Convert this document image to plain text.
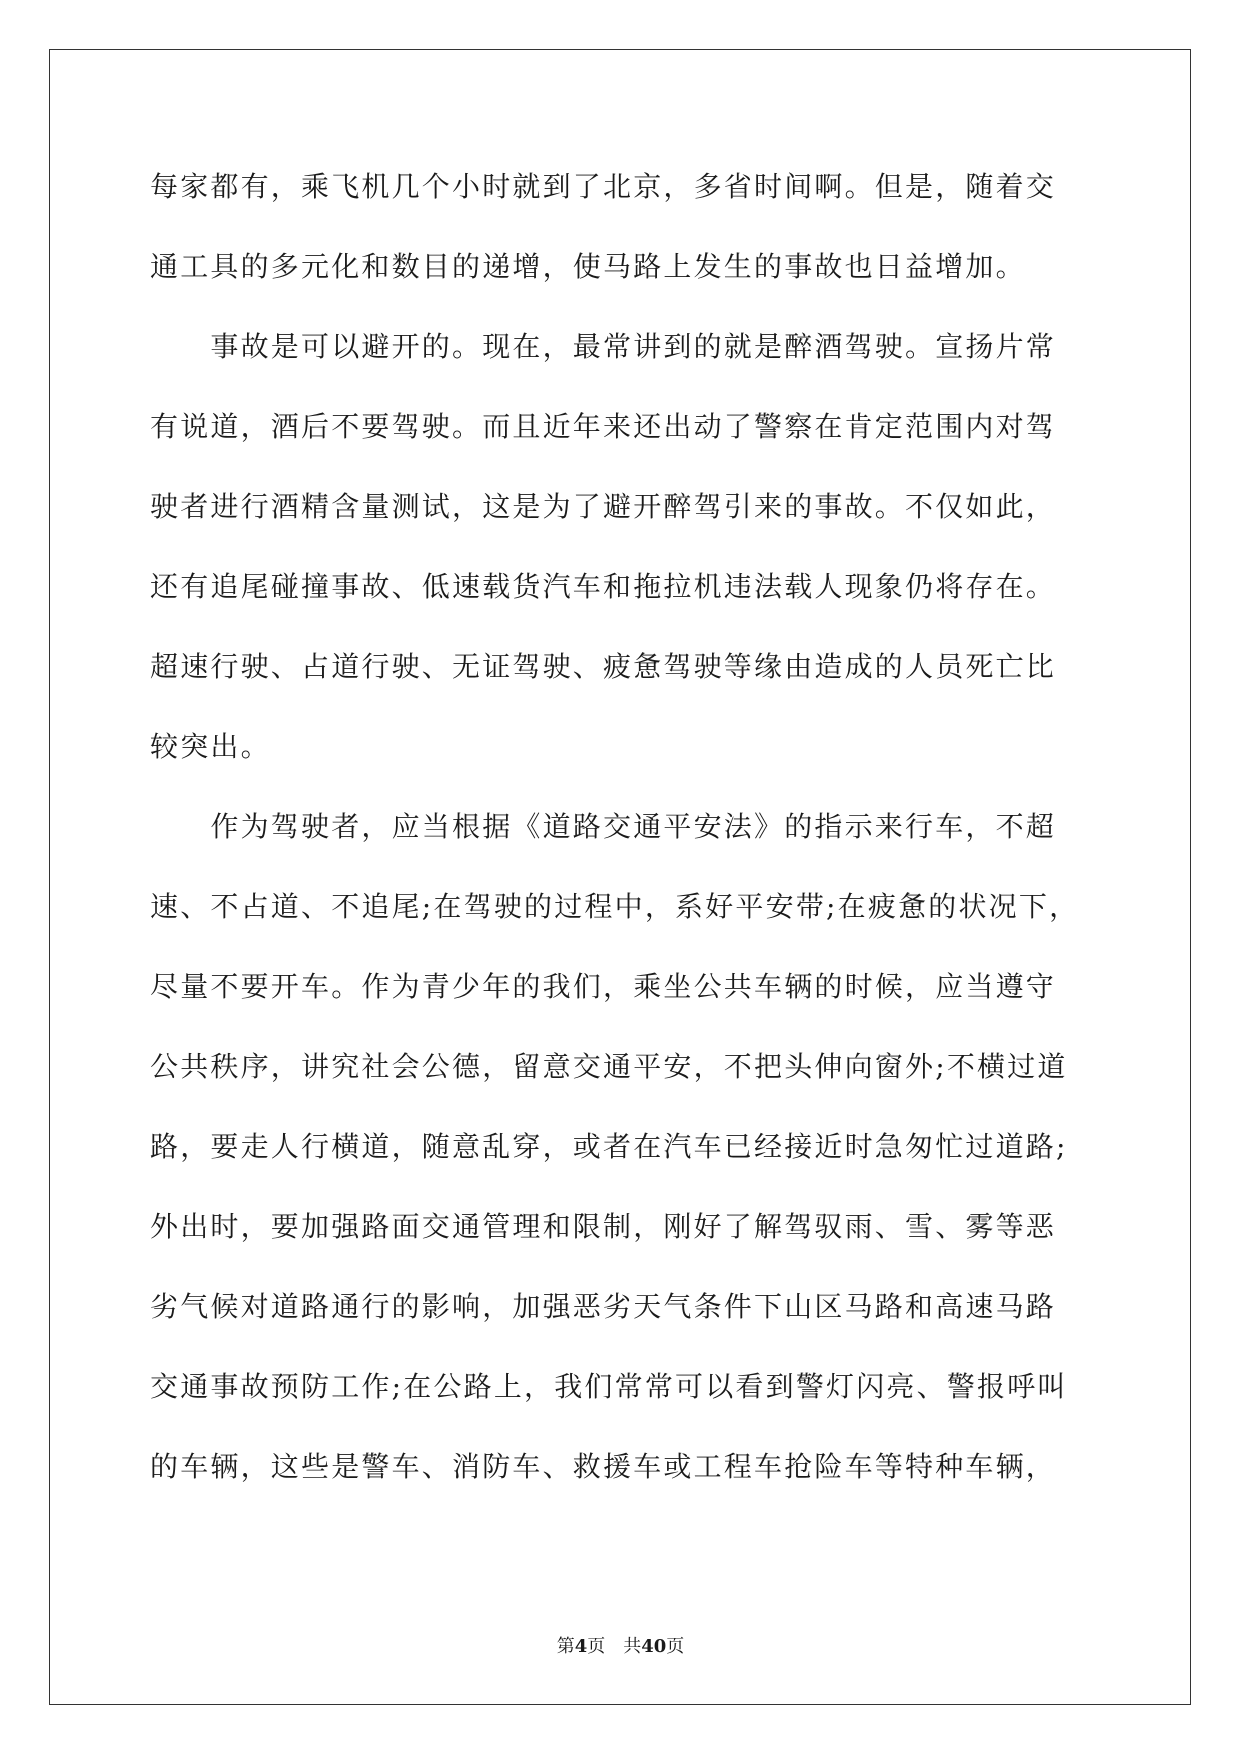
每家都有，乘飞机几个小时就到了北京，多省时间啊。但是，随着交

通工具的多元化和数目的递增，使马路上发生的事故也日益增加。

　　事故是可以避开的。现在，最常讲到的就是醉酒驾驶。宣扬片常

有说道，酒后不要驾驶。而且近年来还出动了警察在肯定范围内对驾

驶者进行酒精含量测试，这是为了避开醉驾引来的事故。不仅如此，

还有追尾碰撞事故、低速载货汽车和拖拉机违法载人现象仍将存在。

超速行驶、占道行驶、无证驾驶、疲惫驾驶等缘由造成的人员死亡比

较突出。

　　作为驾驶者，应当根据《道路交通平安法》的指示来行车，不超

速、不占道、不追尾;在驾驶的过程中，系好平安带;在疲惫的状况下，

尽量不要开车。作为青少年的我们，乘坐公共车辆的时候，应当遵守

公共秩序，讲究社会公德，留意交通平安，不把头伸向窗外;不横过道

路，要走人行横道，随意乱穿，或者在汽车已经接近时急匆忙过道路;

外出时，要加强路面交通管理和限制，刚好了解驾驭雨、雪、雾等恶

劣气候对道路通行的影响，加强恶劣天气条件下山区马路和高速马路

交通事故预防工作;在公路上，我们常常可以看到警灯闪亮、警报呼叫

的车辆，这些是警车、消防车、救援车或工程车抢险车等特种车辆，

第4页 共40页
